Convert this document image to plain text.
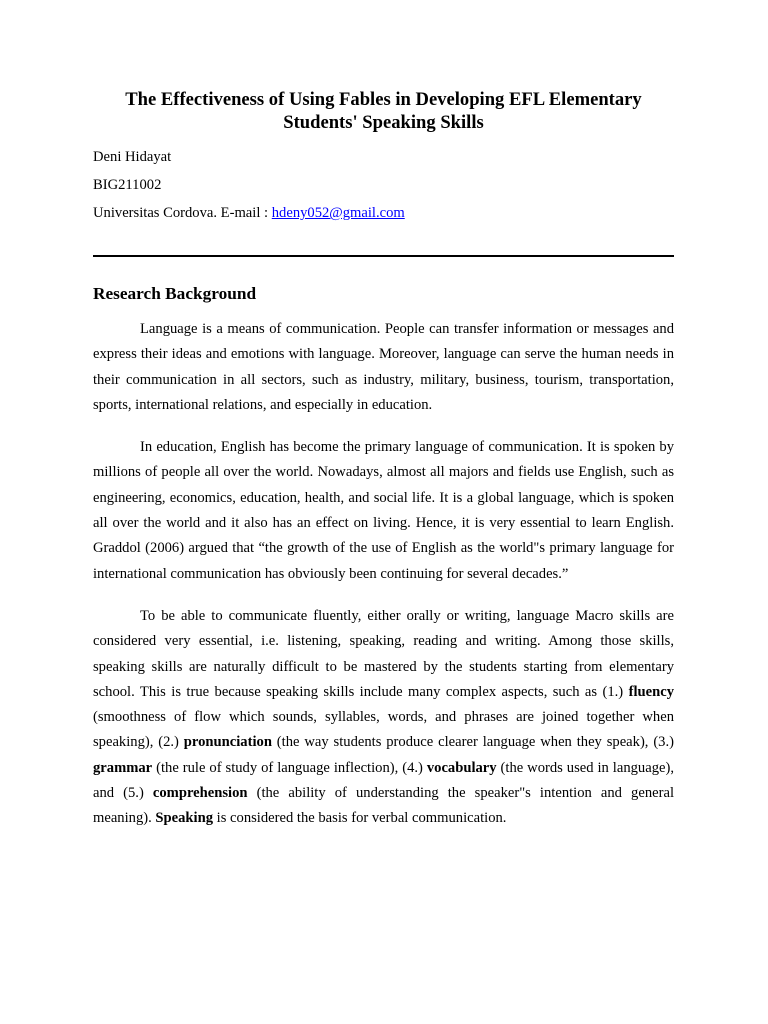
The Effectiveness of Using Fables in Developing EFL Elementary Students' Speaking Skills

Deni Hidayat

BIG211002

Universitas Cordova. E-mail : hdeny052@gmail.com

Research Background

Language is a means of communication. People can transfer information or messages and express their ideas and emotions with language. Moreover, language can serve the human needs in their communication in all sectors, such as industry, military, business, tourism, transportation, sports, international relations, and especially in education.

In education, English has become the primary language of communication. It is spoken by millions of people all over the world. Nowadays, almost all majors and fields use English, such as engineering, economics, education, health, and social life. It is a global language, which is spoken all over the world and it also has an effect on living. Hence, it is very essential to learn English. Graddol (2006) argued that “the growth of the use of English as the world"s primary language for international communication has obviously been continuing for several decades.”

To be able to communicate fluently, either orally or writing, language Macro skills are considered very essential, i.e. listening, speaking, reading and writing. Among those skills, speaking skills are naturally difficult to be mastered by the students starting from elementary school. This is true because speaking skills include many complex aspects, such as (1.) fluency (smoothness of flow which sounds, syllables, words, and phrases are joined together when speaking), (2.) pronunciation (the way students produce clearer language when they speak), (3.) grammar (the rule of study of language inflection), (4.) vocabulary (the words used in language), and (5.) comprehension (the ability of understanding the speaker"s intention and general meaning). Speaking is considered the basis for verbal communication.
